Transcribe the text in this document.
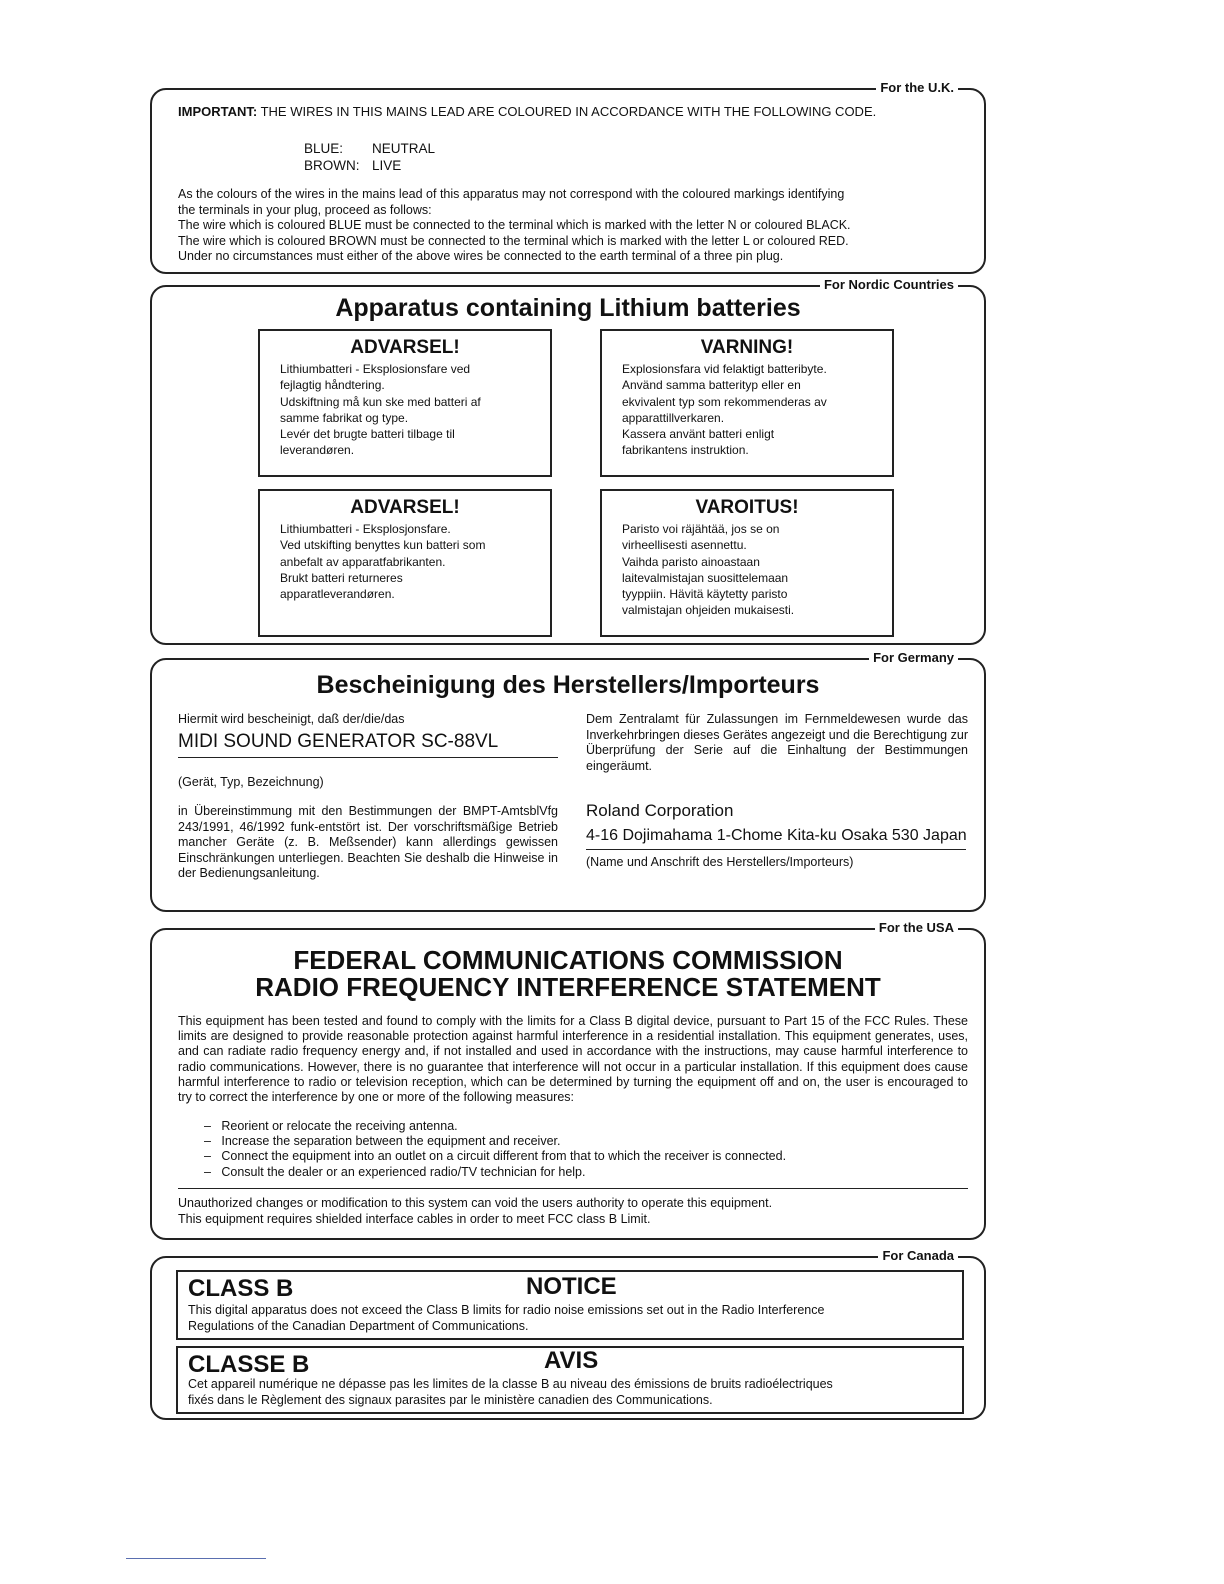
For the U.K.

IMPORTANT: THE WIRES IN THIS MAINS LEAD ARE COLOURED IN ACCORDANCE WITH THE FOLLOWING CODE.

BLUE: NEUTRAL
BROWN: LIVE
As the colours of the wires in the mains lead of this apparatus may not correspond with the coloured markings identifying
the terminals in your plug, proceed as follows:
The wire which is coloured BLUE must be connected to the terminal which is marked with the letter N or coloured BLACK.
The wire which is coloured BROWN must be connected to the terminal which is marked with the letter L or coloured RED.
Under no circumstances must either of the above wires be connected to the earth terminal of a three pin plug.
For Nordic Countries
Apparatus containing Lithium batteries
ADVARSEL!
Lithiumbatteri - Eksplosionsfare ved
fejlagtig håndtering.
Udskiftning må kun ske med batteri af
samme fabrikat og type.
Levér det brugte batteri tilbage til
leverandøren.
VARNING!
Explosionsfara vid felaktigt batteribyte.
Använd samma batterityp eller en
ekvivalent typ som rekommenderas av
apparattillverkaren.
Kassera använt batteri enligt
fabrikantens instruktion.
ADVARSEL!
Lithiumbatteri - Eksplosjonsfare.
Ved utskifting benyttes kun batteri som
anbefalt av apparatfabrikanten.
Brukt batteri returneres
apparatleverandøren.
VAROITUS!
Paristo voi räjähtää, jos se on
virheellisesti asennettu.
Vaihda paristo ainoastaan
laitevalmistajan suosittelemaan
tyyppiin. Hävitä käytetty paristo
valmistajan ohjeiden mukaisesti.
For Germany
Bescheinigung des Herstellers/Importeurs

Hiermit wird bescheinigt, daß der/die/das

MIDI SOUND GENERATOR SC-88VL

(Gerät, Typ, Bezeichnung)

in Übereinstimmung mit den Bestimmungen der BMPT-AmtsblVfg 243/1991, 46/1992 funk-entstört ist. Der vorschriftsmäßige Betrieb mancher Geräte (z. B. Meßsender) kann allerdings gewissen Einschränkungen unterliegen. Beachten Sie deshalb die Hinweise in der Bedienungsanleitung.

Dem Zentralamt für Zulassungen im Fernmeldewesen wurde das Inverkehrbringen dieses Gerätes angezeigt und die Berechtigung zur Überprüfung der Serie auf die Einhaltung der Bestimmungen eingeräumt.

Roland Corporation

4-16 Dojimahama 1-Chome Kita-ku Osaka 530 Japan

(Name und Anschrift des Herstellers/Importeurs)

For the USA
FEDERAL COMMUNICATIONS COMMISSION
RADIO FREQUENCY INTERFERENCE STATEMENT

This equipment has been tested and found to comply with the limits for a Class B digital device, pursuant to Part 15 of the FCC Rules. These limits are designed to provide reasonable protection against harmful interference in a residential installation. This equipment generates, uses, and can radiate radio frequency energy and, if not installed and used in accordance with the instructions, may cause harmful interference to radio communications. However, there is no guarantee that interference will not occur in a particular installation. If this equipment does cause harmful interference to radio or television reception, which can be determined by turning the equipment off and on, the user is encouraged to try to correct the interference by one or more of the following measures:

–   Reorient or relocate the receiving antenna.
–   Increase the separation between the equipment and receiver.
–   Connect the equipment into an outlet on a circuit different from that to which the receiver is connected.
–   Consult the dealer or an experienced radio/TV technician for help.
Unauthorized changes or modification to this system can void the users authority to operate this equipment.
This equipment requires shielded interface cables in order to meet FCC class B Limit.
For Canada
CLASS B	NOTICE
This digital apparatus does not exceed the Class B limits for radio noise emissions set out in the Radio Interference
Regulations of the Canadian Department of Communications.
CLASSE B	AVIS
Cet appareil numérique ne dépasse pas les limites de la classe B au niveau des émissions de bruits radioélectriques
fixés dans le Règlement des signaux parasites par le ministère canadien des Communications.
